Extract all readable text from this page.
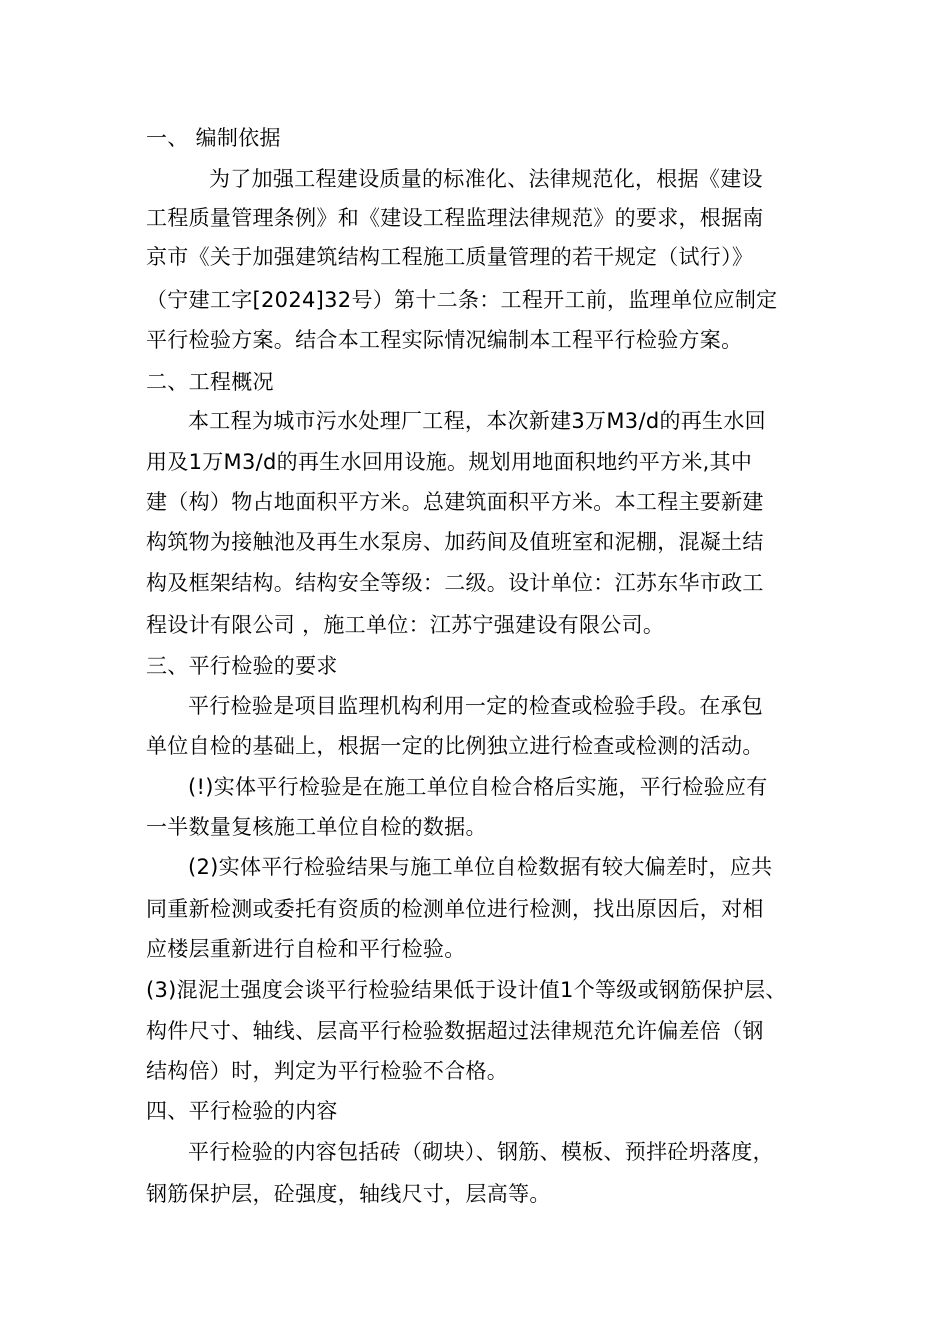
一、 编制依据
为了加强工程建设质量的标准化、法律规范化，根据《建设
工程质量管理条例》和《建设工程监理法律规范》的要求，根据南
京市《关于加强建筑结构工程施工质量管理的若干规定（试行）》
（宁建工字[2024]32号）第十二条：工程开工前，监理单位应制定
平行检验方案。结合本工程实际情况编制本工程平行检验方案。
二、工程概况
本工程为城市污水处理厂工程，本次新建3万M3/d的再生水回
用及1万M3/d的再生水回用设施。规划用地面积地约平方米,其中
建（构）物占地面积平方米。总建筑面积平方米。本工程主要新建
构筑物为接触池及再生水泵房、加药间及值班室和泥棚，混凝土结
构及框架结构。结构安全等级：二级。设计单位：江苏东华市政工
程设计有限公司 ，施工单位：江苏宁强建设有限公司。
三、平行检验的要求
平行检验是项目监理机构利用一定的检查或检验手段。在承包
单位自检的基础上，根据一定的比例独立进行检查或检测的活动。
(!)实体平行检验是在施工单位自检合格后实施，平行检验应有
一半数量复核施工单位自检的数据。
(2)实体平行检验结果与施工单位自检数据有较大偏差时，应共
同重新检测或委托有资质的检测单位进行检测，找出原因后，对相
应楼层重新进行自检和平行检验。
(3)混泥土强度会谈平行检验结果低于设计值1个等级或钢筋保护层、
构件尺寸、轴线、层高平行检验数据超过法律规范允许偏差倍（钢
结构倍）时，判定为平行检验不合格。
四、平行检验的内容
平行检验的内容包括砖（砌块）、钢筋、模板、预拌砼坍落度，
钢筋保护层，砼强度，轴线尺寸，层高等。
